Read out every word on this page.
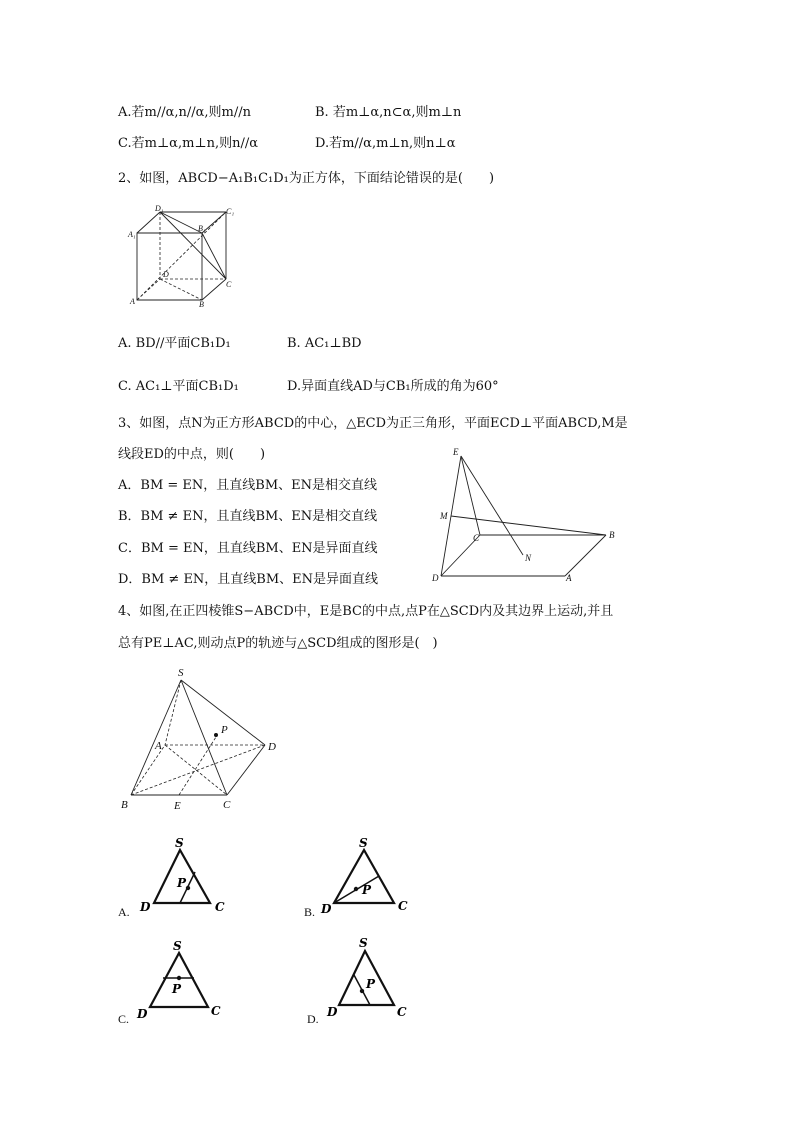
A.若m//α,n//α,则m//n	B. 若m⊥α,n⊂α,则m⊥n
C.若m⊥α,m⊥n,则n//α	D.若m//α,m⊥n,则n⊥α
2、如图，ABCD−A₁B₁C₁D₁为正方体，下面结论错误的是(　　)
D₁	C₁
A₁
B₁
D
C
A	B
A. BD//平面CB₁D₁	B. AC₁⊥BD
C. AC₁⊥平面CB₁D₁	D.异面直线AD与CB₁所成的角为60°
3、如图，点N为正方形ABCD的中心，△ECD为正三角形，平面ECD⊥平面ABCD,M是
线段ED的中点，则(　　)
A．BM = EN，且直线BM、EN是相交直线
B．BM ≠ EN，且直线BM、EN是相交直线
C．BM = EN，且直线BM、EN是异面直线
D．BM ≠ EN，且直线BM、EN是异面直线
E
M
C	B
N
D	A
4、如图,在正四棱锥S−ABCD中，E是BC的中点,点P在△SCD内及其边界上运动,并且
总有PE⊥AC,则动点P的轨迹与△SCD组成的图形是(　)
S
P
A	D
B	E	C
A.
S
P
D	C	B.
S
P
D	C
C.
S
P
D	C
D.
S
P
D	C
